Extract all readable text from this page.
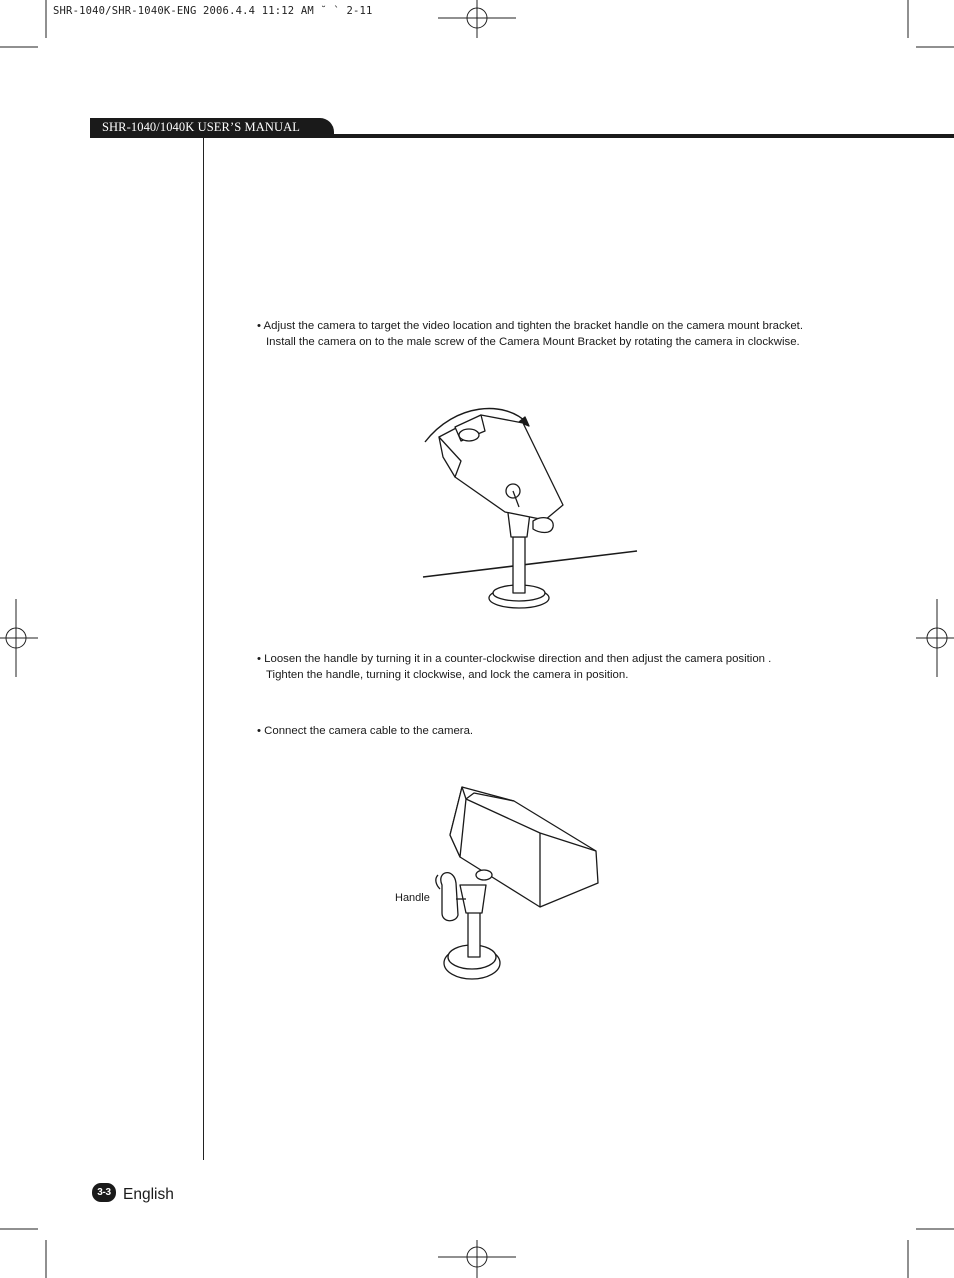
SHR-1040/SHR-1040K-ENG 2006.4.4 11:12 AM ˘ ` 2-11
SHR-1040/1040K USER’S MANUAL
• Adjust the camera to target the video location and tighten the bracket handle on the camera mount bracket. Install the camera on to the male screw of the Camera Mount Bracket by rotating the camera in clockwise.
• Loosen the handle by turning it in a counter-clockwise direction and then adjust the camera position . Tighten the handle, turning it clockwise, and lock the camera in position.
• Connect the camera cable to the camera.
Handle
3-3 English
